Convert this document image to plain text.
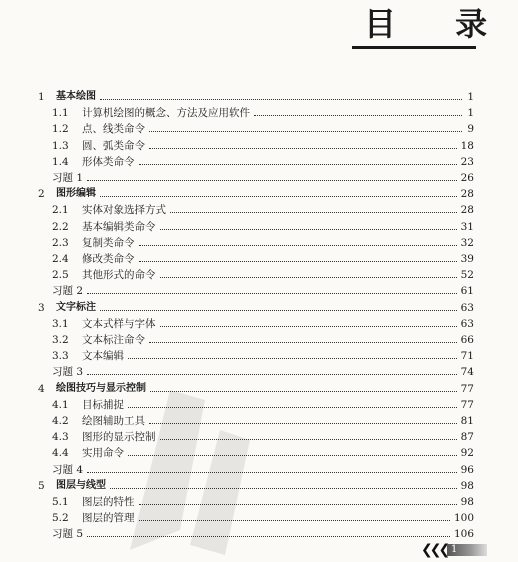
目 录
1	基本绘图	1
1.1	计算机绘图的概念、方法及应用软件	1
1.2	点、线类命令	9
1.3	圆、弧类命令	18
1.4	形体类命令	23
习题 1	26
2	图形编辑	28
2.1	实体对象选择方式	28
2.2	基本编辑类命令	31
2.3	复制类命令	32
2.4	修改类命令	39
2.5	其他形式的命令	52
习题 2	61
3	文字标注	63
3.1	文本式样与字体	63
3.2	文本标注命令	66
3.3	文本编辑	71
习题 3	74
4	绘图技巧与显示控制	77
4.1	目标捕捉	77
4.2	绘图辅助工具	81
4.3	图形的显示控制	87
4.4	实用命令	92
习题 4	96
5	图层与线型	98
5.1	图层的特性	98
5.2	图层的管理	100
习题 5	106
❮❮❮ 1
